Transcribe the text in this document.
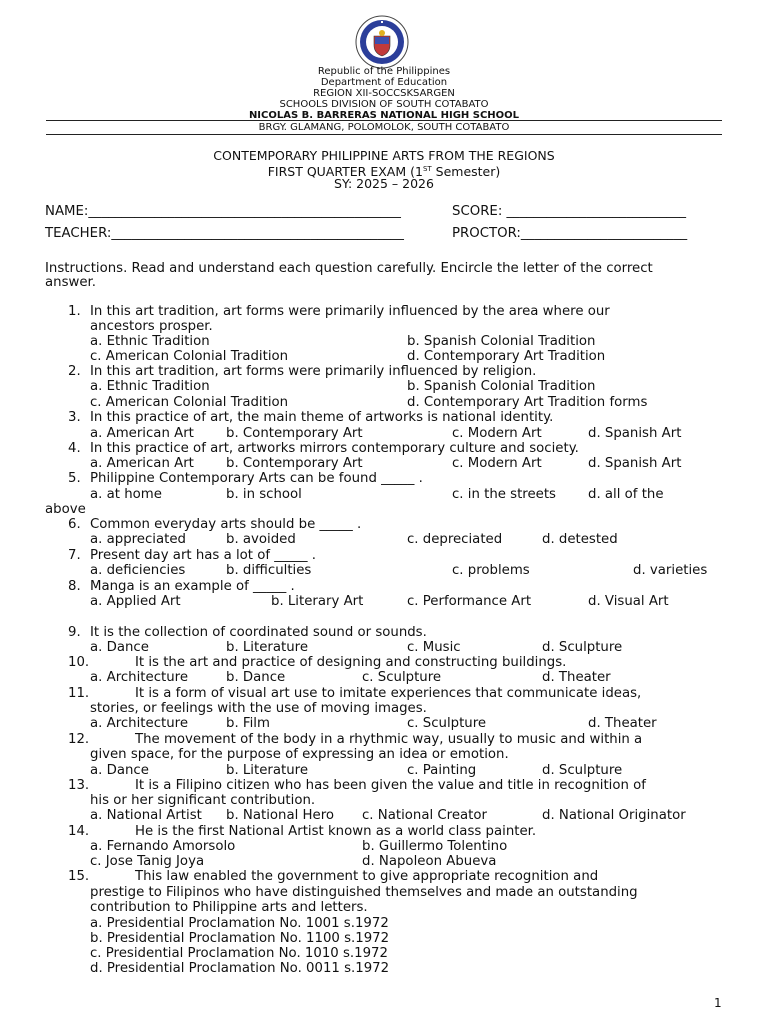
Republic of the Philippines
Department of Education
REGION XII-SOCCSKSARGEN
SCHOOLS DIVISION OF SOUTH COTABATO
NICOLAS B. BARRERAS NATIONAL HIGH SCHOOL
BRGY. GLAMANG, POLOMOLOK, SOUTH COTABATO
CONTEMPORARY PHILIPPINE ARTS FROM THE REGIONS
FIRST QUARTER EXAM (1ST Semester)
SY: 2025 – 2026
NAME:_______________________________________________	SCORE: ___________________________
TEACHER:____________________________________________	PROCTOR:_________________________
Instructions. Read and understand each question carefully. Encircle the letter of the correct
answer.
1. In this art tradition, art forms were primarily influenced by the area where our
ancestors prosper.
a. Ethnic Tradition	b. Spanish Colonial Tradition
c. American Colonial Tradition	d. Contemporary Art Tradition
2. In this art tradition, art forms were primarily influenced by religion.
a. Ethnic Tradition	b. Spanish Colonial Tradition
c. American Colonial Tradition	d. Contemporary Art Tradition forms
3. In this practice of art, the main theme of artworks is national identity.
a. American Art b. Contemporary Art	c. Modern Art	d. Spanish Art
4. In this practice of art, artworks mirrors contemporary culture and society.
a. American Art b. Contemporary Art	c. Modern Art	d. Spanish Art
5. Philippine Contemporary Arts can be found _____ .
a. at home	b. in school	c. in the streets d. all of the
above
6. Common everyday arts should be _____ .
a. appreciated	b. avoided	c. depreciated	d. detested
7. Present day art has a lot of _____ .
a. deficiencies	b. difficulties	c. problems	d. varieties
8. Manga is an example of _____ .
a. Applied Art	b. Literary Art	c. Performance Art	d. Visual Art
9. It is the collection of coordinated sound or sounds.
a. Dance	b. Literature	c. Music	d. Sculpture
10.	It is the art and practice of designing and constructing buildings.
a. Architecture	b. Dance	c. Sculpture	d. Theater
11.	It is a form of visual art use to imitate experiences that communicate ideas,
stories, or feelings with the use of moving images.
a. Architecture	b. Film	c. Sculpture	d. Theater
12.	The movement of the body in a rhythmic way, usually to music and within a
given space, for the purpose of expressing an idea or emotion.
a. Dance	b. Literature	c. Painting	d. Sculpture
13.	It is a Filipino citizen who has been given the value and title in recognition of
his or her significant contribution.
a. National Artist b. National Hero c. National Creator	d. National Originator
14.	He is the first National Artist known as a world class painter.
a. Fernando Amorsolo	b. Guillermo Tolentino
c. Jose Tanig Joya	d. Napoleon Abueva
15.	This law enabled the government to give appropriate recognition and
prestige to Filipinos who have distinguished themselves and made an outstanding
contribution to Philippine arts and letters.
a. Presidential Proclamation No. 1001 s.1972
b. Presidential Proclamation No. 1100 s.1972
c. Presidential Proclamation No. 1010 s.1972
d. Presidential Proclamation No. 0011 s.1972
1
